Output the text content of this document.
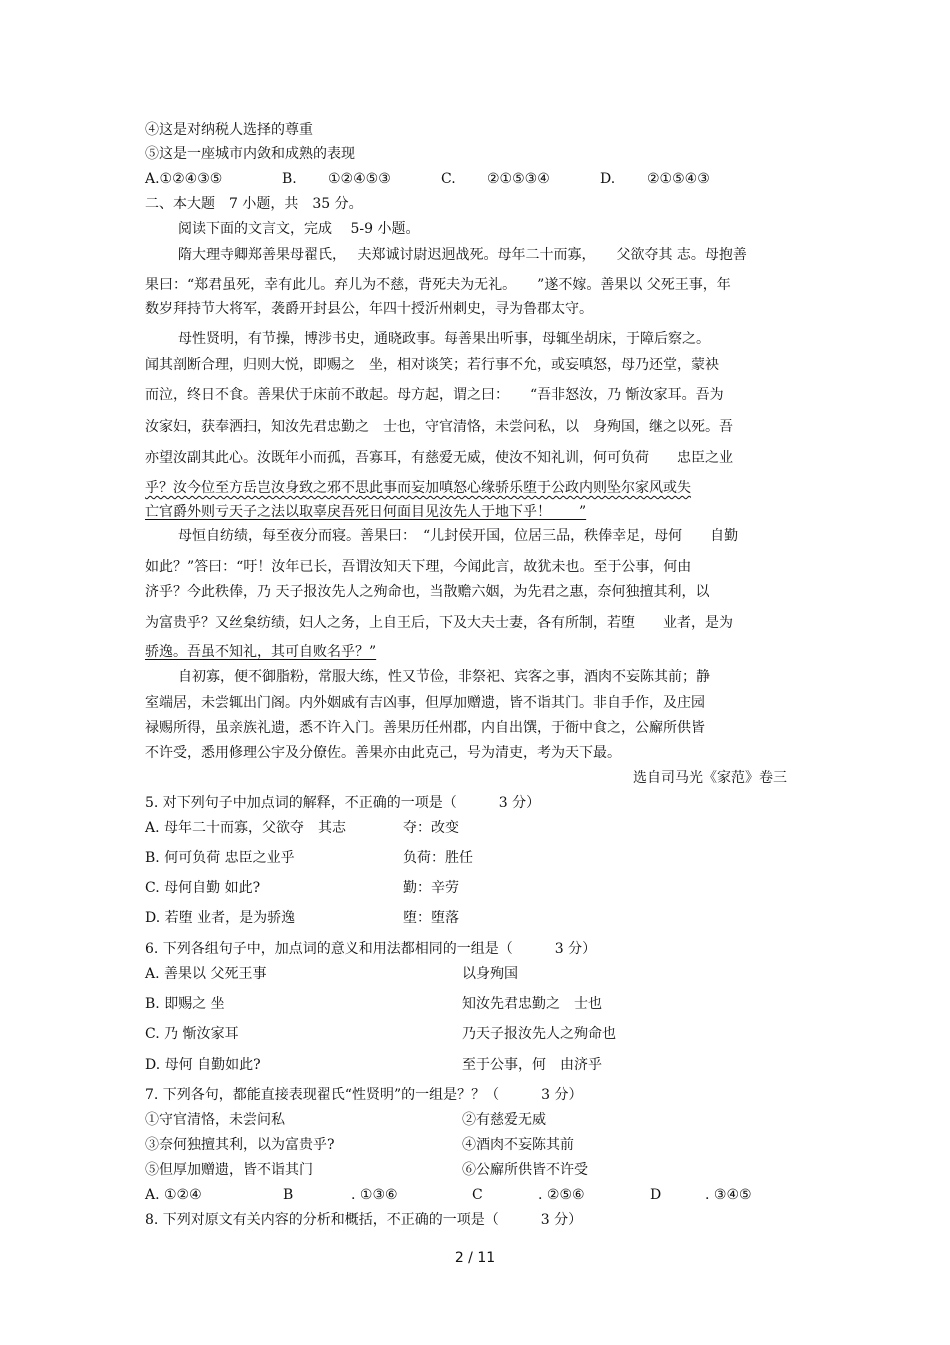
④这是对纳税人选择的尊重
⑤这是一座城市内敛和成熟的表现
A.①②④③⑤	B. ①②④⑤③	C. ②①⑤③④	D. ②①⑤④③
二、本大题　7 小题，共　35 分。
阅读下面的文言文，完成　 5-9 小题。
隋大理寺卿郑善果母翟氏，　 夫郑诚讨尉迟迥战死。母年二十而寡，　　父欲夺其 志。母抱善
果曰：“郑君虽死，幸有此儿。弃儿为不慈，背死夫为无礼。　　”遂不嫁。善果以 父死王事，年
数岁拜持节大将军，袭爵开封县公，年四十授沂州刺史，寻为鲁郡太守。
母性贤明，有节操，博涉书史，通晓政事。每善果出听事，母辄坐胡床，于障后察之。
闻其剖断合理，归则大悦，即赐之　坐，相对谈笑；若行事不允，或妄嗔怒，母乃还堂，蒙袂
而泣，终日不食。善果伏于床前不敢起。母方起，谓之曰：　　“吾非怒汝，乃 惭汝家耳。吾为
汝家妇，获奉洒扫，知汝先君忠勤之　士也，守官清恪，未尝问私，以　身殉国，继之以死。吾
亦望汝副其此心。汝既年小而孤，吾寡耳，有慈爱无威，使汝不知礼训，何可负荷　　忠臣之业
乎？汝今位至方岳岂汝身致之邪不思此事而妄加嗔怒心缘骄乐堕于公政内则坠尔家风或失
亡官爵外则亏天子之法以取辜戾吾死日何面目见汝先人于地下乎！　　”
母恒自纺绩，每至夜分而寝。善果曰：　“儿封侯开国，位居三品，秩俸幸足，母何　　自勤
如此？”答曰：“吁！汝年已长，吾谓汝知天下理，今闻此言，故犹未也。至于公事，何由
济乎？今此秩俸，乃 天子报汝先人之殉命也，当散赡六姻，为先君之惠，奈何独擅其利，以
为富贵乎？又丝枲纺绩，妇人之务，上自王后，下及大夫士妻，各有所制，若堕　　业者，是为
骄逸。吾虽不知礼，其可自败名乎？”
自初寡，便不御脂粉，常服大练，性又节俭，非祭祀、宾客之事，酒肉不妄陈其前；静
室端居，未尝辄出门阁。内外姻戚有吉凶事，但厚加赠遗，皆不诣其门。非自手作，及庄园
禄赐所得，虽亲族礼遗，悉不许入门。善果历任州郡，内自出馔，于衙中食之，公廨所供皆
不许受，悉用修理公宇及分僚佐。善果亦由此克己，号为清吏，考为天下最。
选自司马光《家范》卷三
5. 对下列句子中加点词的解释，不正确的一项是（　　　3 分）
A. 母年二十而寡，父欲夺　其志	夺：改变
B. 何可负荷 忠臣之业乎	负荷：胜任
C. 母何自勤 如此?	勤：辛劳
D. 若堕 业者，是为骄逸	堕：堕落
6. 下列各组句子中，加点词的意义和用法都相同的一组是（　　　3 分）
A. 善果以 父死王事	以身殉国
B. 即赐之 坐	知汝先君忠勤之　士也
C. 乃 惭汝家耳	乃天子报汝先人之殉命也
D. 母何 自勤如此?	至于公事，何　由济乎
7. 下列各句，都能直接表现翟氏“性贤明”的一组是？？（　　　3 分）
①守官清恪，未尝问私	②有慈爱无威
③奈何独擅其利，以为富贵乎?	④酒肉不妄陈其前
⑤但厚加赠遗，皆不诣其门	⑥公廨所供皆不许受
A. ①②④	B	. ①③⑥	C	. ②⑤⑥	D	. ③④⑤
8. 下列对原文有关内容的分析和概括，不正确的一项是（　　　3 分）
2 / 11
